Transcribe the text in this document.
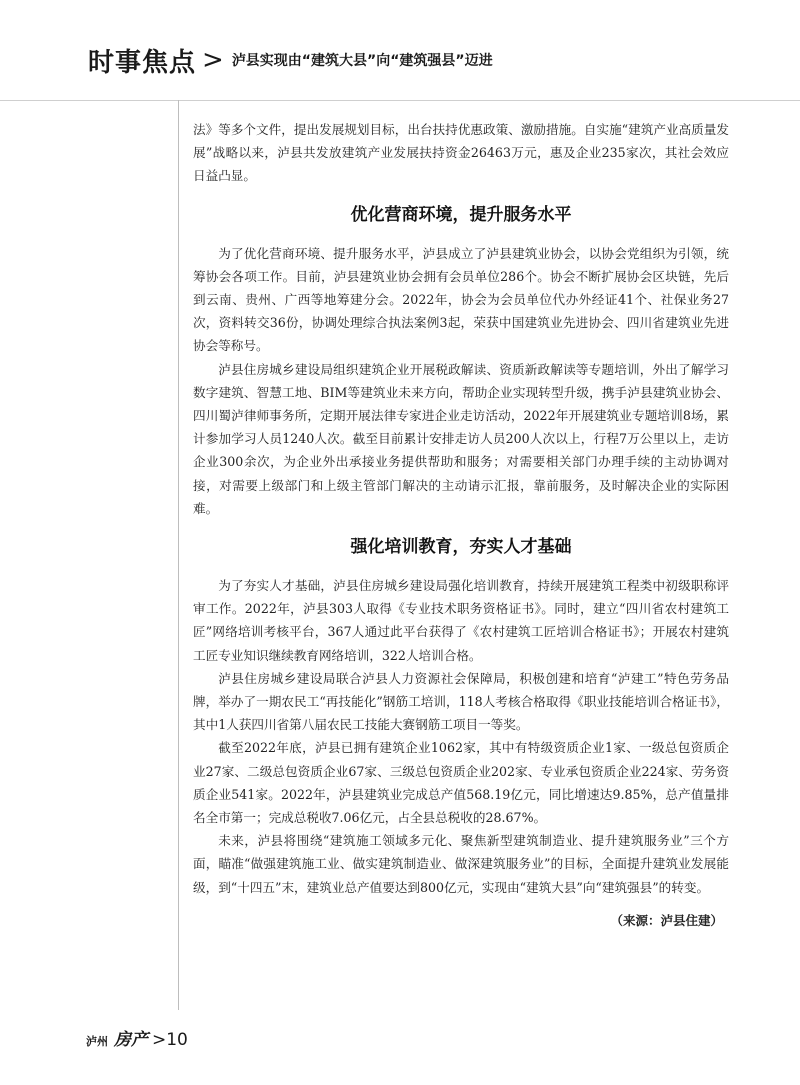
时事焦点 > 泸县实现由“建筑大县”向“建筑强县”迈进

法》等多个文件，提出发展规划目标，出台扶持优惠政策、激励措施。自实施“建筑产业高质量发展”战略以来，泸县共发放建筑产业发展扶持资金26463万元，惠及企业235家次，其社会效应日益凸显。

优化营商环境，提升服务水平

为了优化营商环境、提升服务水平，泸县成立了泸县建筑业协会，以协会党组织为引领，统筹协会各项工作。目前，泸县建筑业协会拥有会员单位286个。协会不断扩展协会区块链，先后到云南、贵州、广西等地筹建分会。2022年，协会为会员单位代办外经证41个、社保业务27次，资料转交36份，协调处理综合执法案例3起，荣获中国建筑业先进协会、四川省建筑业先进协会等称号。

泸县住房城乡建设局组织建筑企业开展税政解读、资质新政解读等专题培训，外出了解学习数字建筑、智慧工地、BIM等建筑业未来方向，帮助企业实现转型升级，携手泸县建筑业协会、四川蜀泸律师事务所，定期开展法律专家进企业走访活动，2022年开展建筑业专题培训8场，累计参加学习人员1240人次。截至目前累计安排走访人员200人次以上，行程7万公里以上，走访企业300余次，为企业外出承接业务提供帮助和服务；对需要相关部门办理手续的主动协调对接，对需要上级部门和上级主管部门解决的主动请示汇报，靠前服务，及时解决企业的实际困难。

强化培训教育，夯实人才基础

为了夯实人才基础，泸县住房城乡建设局强化培训教育，持续开展建筑工程类中初级职称评审工作。2022年，泸县303人取得《专业技术职务资格证书》。同时，建立“四川省农村建筑工匠”网络培训考核平台，367人通过此平台获得了《农村建筑工匠培训合格证书》；开展农村建筑工匠专业知识继续教育网络培训，322人培训合格。

泸县住房城乡建设局联合泸县人力资源社会保障局，积极创建和培育“泸建工”特色劳务品牌，举办了一期农民工“再技能化”钢筋工培训，118人考核合格取得《职业技能培训合格证书》，其中1人获四川省第八届农民工技能大赛钢筋工项目一等奖。

截至2022年底，泸县已拥有建筑企业1062家，其中有特级资质企业1家、一级总包资质企业27家、二级总包资质企业67家、三级总包资质企业202家、专业承包资质企业224家、劳务资质企业541家。2022年，泸县建筑业完成总产值568.19亿元，同比增速达9.85%，总产值量排名全市第一；完成总税收7.06亿元，占全县总税收的28.67%。

未来，泸县将围绕“建筑施工领域多元化、聚焦新型建筑制造业、提升建筑服务业”三个方面，瞄准“做强建筑施工业、做实建筑制造业、做深建筑服务业”的目标，全面提升建筑业发展能级，到“十四五”末，建筑业总产值要达到800亿元，实现由“建筑大县”向“建筑强县”的转变。

（来源：泸县住建）
泸州 房产 >10
